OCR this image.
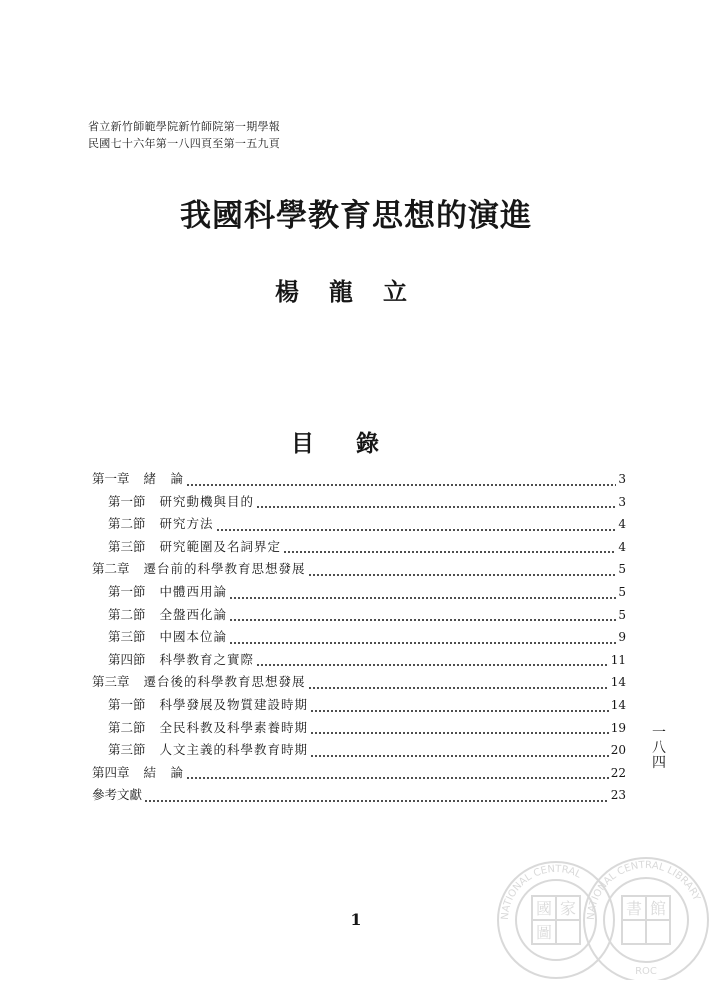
省立新竹師範學院新竹師院第一期學報
民國七十六年第一八四頁至第一五九頁
我國科學教育思想的演進
楊龍立
目錄
第一章 緒　論	3
第一節 研究動機與目的	3
第二節 研究方法	4
第三節 研究範圍及名詞界定	4
第二章 遷台前的科學教育思想發展	5
第一節 中體西用論	5
第二節 全盤西化論	5
第三節 中國本位論	9
第四節 科學教育之實際	11
第三章 遷台後的科學教育思想發展	14
第一節 科學發展及物質建設時期	14
第二節 全民科教及科學素養時期	19
第三節 人文主義的科學教育時期	20
第四章 結　論	22
參考文獻	23
一
八
四
1	NATIONAL CENTRAL
NATIONAL CENTRAL LIBRARY
ROC
國 家
圖
書 館
